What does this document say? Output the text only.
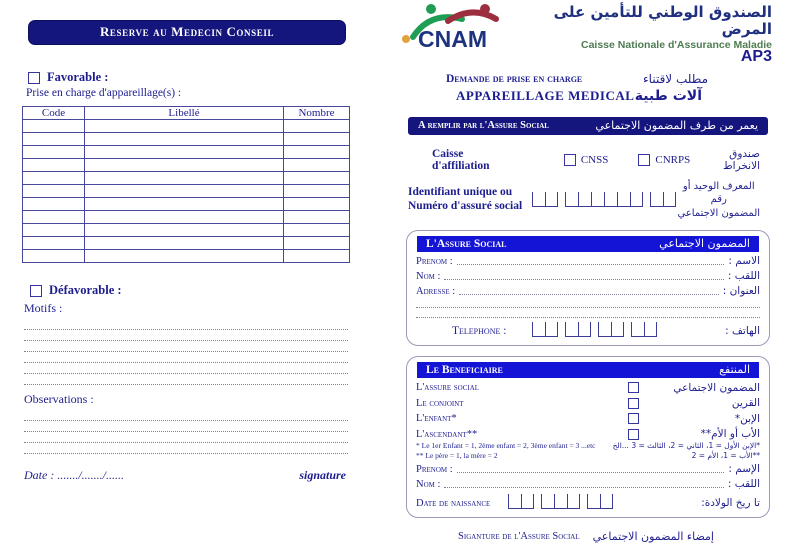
Reserve au Medecin Conseil
Favorable :
Prise en charge d'appareillage(s) :
Code	Libellé	Nombre

Défavorable :
Motifs :
Observations :
Date : ......./......./......	signature
CNAM
الصندوق الوطني للتأمين على المرض
Caisse Nationale d'Assurance Maladie
AP3
Demande de prise en charge	مطلب لاقتناء
APPAREILLAGE MEDICAL آلات طبية
A remplir par l'Assure Social	يعمر من طرف المضمون الاجتماعي
Caisse d'affiliation	CNSS	CNRPS	صندوق الانخراط
Identifiant unique ou
Numéro d'assuré social
المعرف الوحيد أو رقم
المضمون الاجتماعي
L'Assure Social	المضمون الاجتماعي
Prenom :	الاسم :
Nom :	اللقب :
Adresse :	العنوان :
Telephone :	الهاتف :
Le Beneficiaire	المنتفع
L'assure social	المضمون الاجتماعي
Le conjoint	القرين
L'enfant*	الإبن*
L'ascendant**	الأب أو الأم**
* Le 1er Enfant = 1, 2ème enfant = 2, 3ème enfant = 3 ...etc *الإبن الأول = 1، الثاني = 2، الثالث = 3 ...الخ
** Le père = 1, la mère = 2	**الأب = 1، الأم = 2
Prenom :	الإسم :
Nom :	اللقب :
Date de naissance	تا ريخ الولادة:
Siganture de l'Assure Social إمضاء المضمون الاجتماعي
